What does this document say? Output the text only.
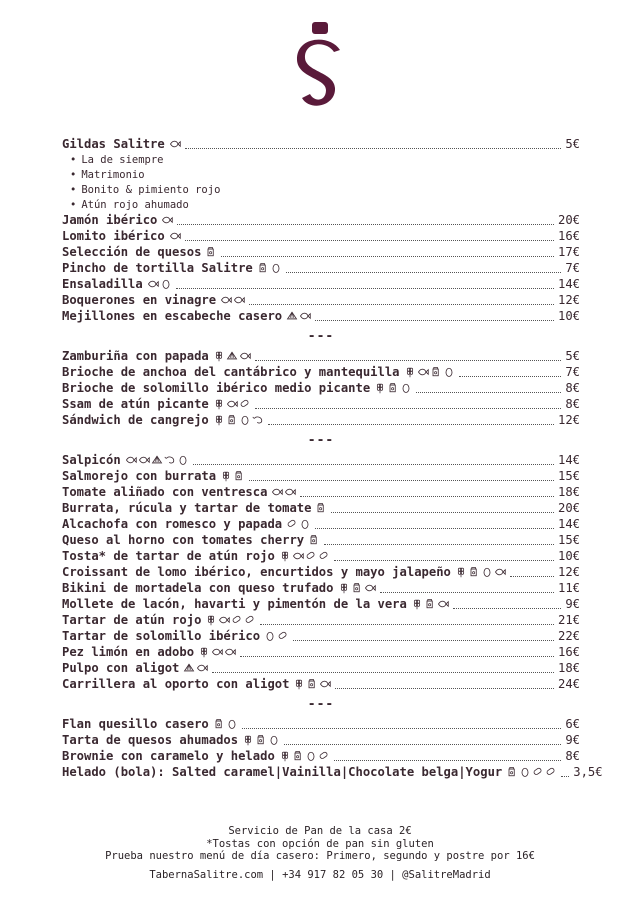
Gildas Salitre	5€
• La de siempre
• Matrimonio
• Bonito & pimiento rojo
• Atún rojo ahumado
Jamón ibérico	20€
Lomito ibérico	16€
Selección de quesos	17€
Pincho de tortilla Salitre	7€
Ensaladilla	14€
Boquerones en vinagre	12€
Mejillones en escabeche casero	10€
---
Zamburiña con papada	5€
Brioche de anchoa del cantábrico y mantequilla	7€
Brioche de solomillo ibérico medio picante	8€
Ssam de atún picante	8€
Sándwich de cangrejo	12€
---
Salpicón	14€
Salmorejo con burrata	15€
Tomate aliñado con ventresca	18€
Burrata, rúcula y tartar de tomate	20€
Alcachofa con romesco y papada	14€
Queso al horno con tomates cherry	15€
Tosta* de tartar de atún rojo	10€
Croissant de lomo ibérico, encurtidos y mayo jalapeño	12€
Bikini de mortadela con queso trufado	11€
Mollete de lacón, havarti y pimentón de la vera	9€
Tartar de atún rojo	21€
Tartar de solomillo ibérico	22€
Pez limón en adobo	16€
Pulpo con aligot	18€
Carrillera al oporto con aligot	24€
---
Flan quesillo casero	6€
Tarta de quesos ahumados	9€
Brownie con caramelo y helado	8€
Helado (bola): Salted caramel|Vainilla|Chocolate belga|Yogur	3,5€
Servicio de Pan de la casa 2€
*Tostas con opción de pan sin gluten
Prueba nuestro menú de día casero: Primero, segundo y postre por 16€
TabernaSalitre.com | +34 917 82 05 30 | @SalitreMadrid
